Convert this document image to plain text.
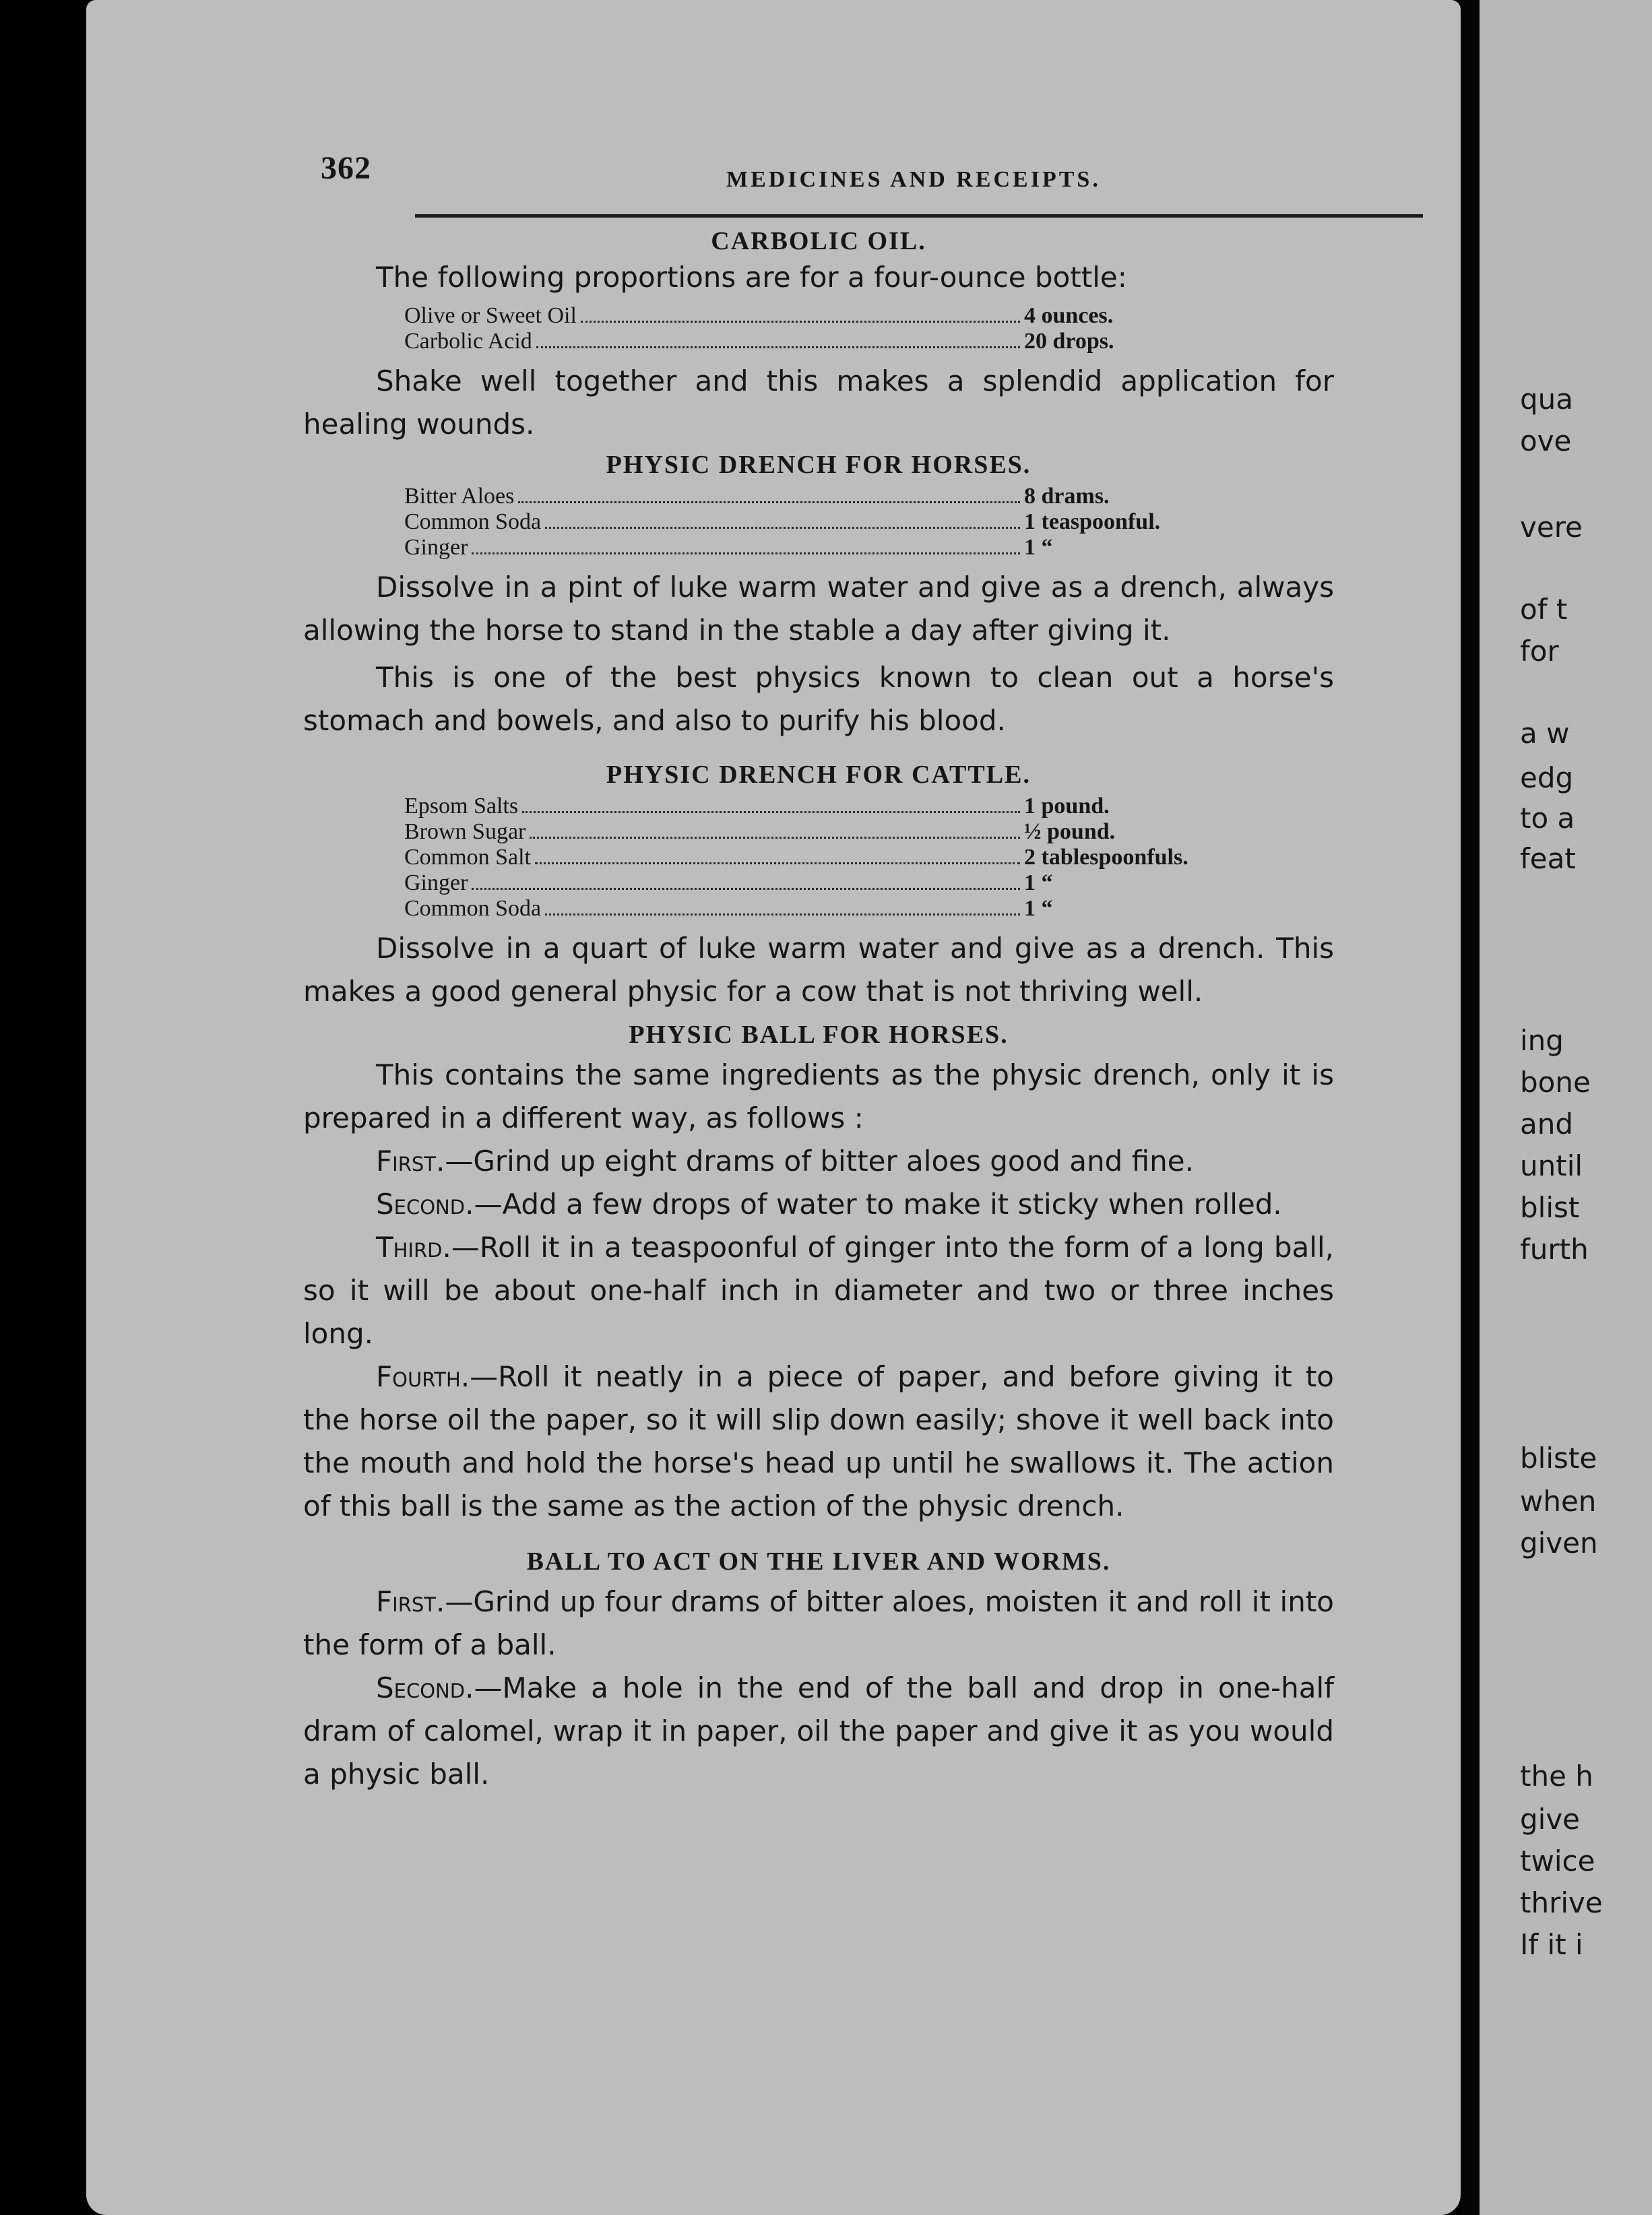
362	MEDICINES AND RECEIPTS.
CARBOLIC OIL.

The following proportions are for a four-ounce bottle:

Olive or Sweet Oil	4 ounces.
Carbolic Acid	20 drops.

Shake well together and this makes a splendid application for healing wounds.

PHYSIC DRENCH FOR HORSES.
Bitter Aloes	8 drams.
Common Soda	1 teaspoonful.
Ginger	1 “

Dissolve in a pint of luke warm water and give as a drench, always allowing the horse to stand in the stable a day after giving it.

This is one of the best physics known to clean out a horse's stomach and bowels, and also to purify his blood.

PHYSIC DRENCH FOR CATTLE.
Epsom Salts	1 pound.
Brown Sugar	½ pound.
Common Salt	2 tablespoonfuls.
Ginger	1 “
Common Soda	1 “

Dissolve in a quart of luke warm water and give as a drench. This makes a good general physic for a cow that is not thriving well.

PHYSIC BALL FOR HORSES.

This contains the same ingredients as the physic drench, only it is prepared in a different way, as follows :

First.—Grind up eight drams of bitter aloes good and fine.

Second.—Add a few drops of water to make it sticky when rolled.

Third.—Roll it in a teaspoonful of ginger into the form of a long ball, so it will be about one-half inch in diameter and two or three inches long.

Fourth.—Roll it neatly in a piece of paper, and before giving it to the horse oil the paper, so it will slip down easily; shove it well back into the mouth and hold the horse's head up until he swallows it. The action of this ball is the same as the action of the physic drench.

BALL TO ACT ON THE LIVER AND WORMS.

First.—Grind up four drams of bitter aloes, moisten it and roll it into the form of a ball.

Second.—Make a hole in the end of the ball and drop in one-half dram of calomel, wrap it in paper, oil the paper and give it as you would a physic ball.

qua
ove
vere
of t
for
a w
edg
to a
feat
ing
bone
and
until
blist
furth
bliste
when
given
the h
give
twice
thrive
If it i
